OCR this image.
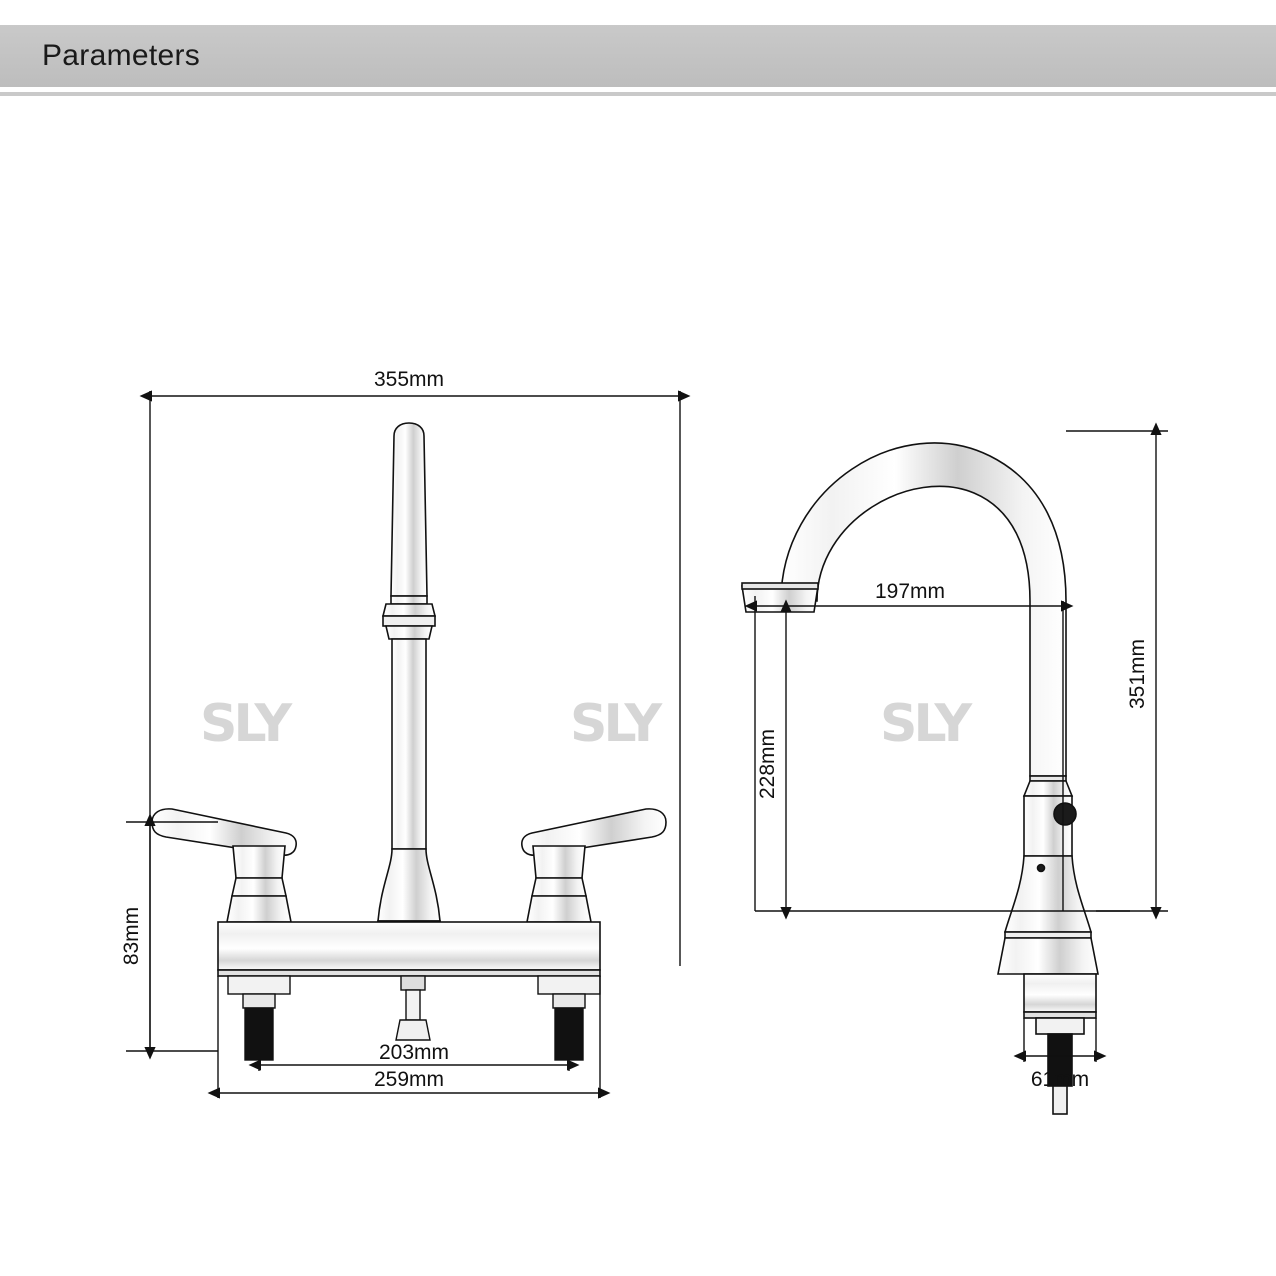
Parameters
SLY	SLY	SLY
355mm
83mm
203mm
259mm
197mm
228mm
351mm
61mm
